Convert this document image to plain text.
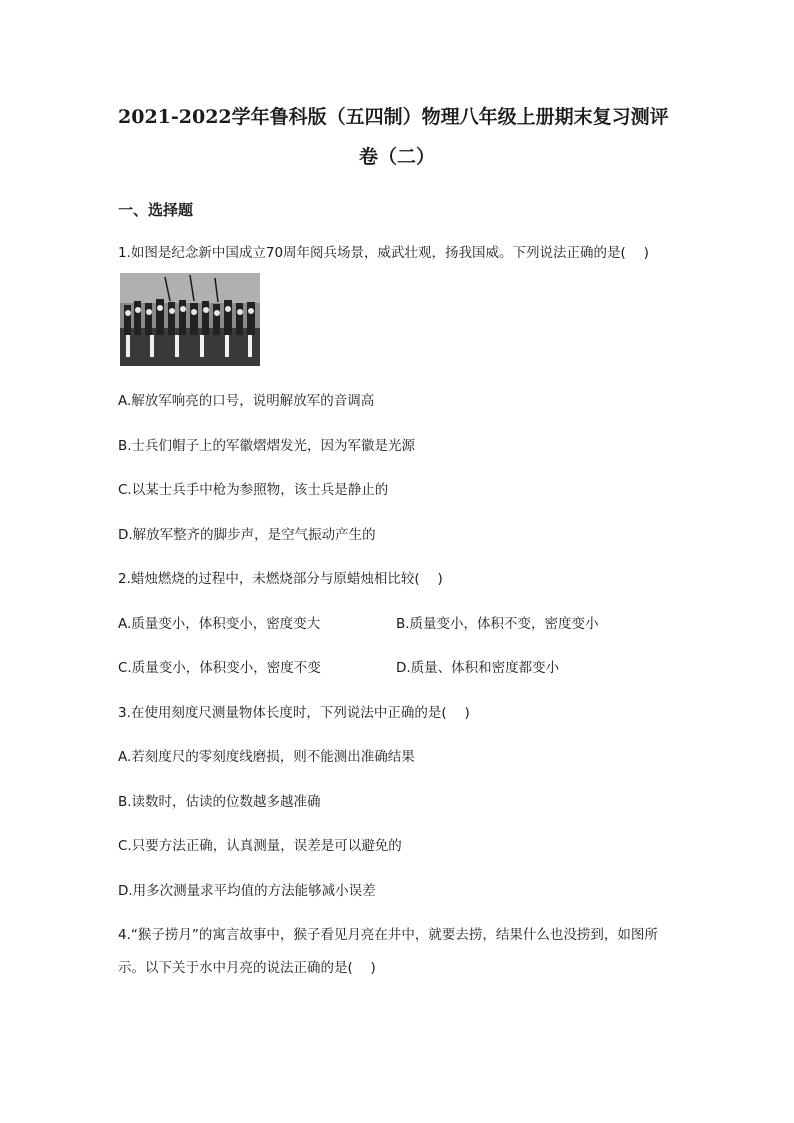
2021-2022学年鲁科版（五四制）物理八年级上册期末复习测评
卷（二）
一、选择题
1.如图是纪念新中国成立70周年阅兵场景，威武壮观，扬我国威。下列说法正确的是(　 )
A.解放军响亮的口号，说明解放军的音调高
B.士兵们帽子上的军徽熠熠发光，因为军徽是光源
C.以某士兵手中枪为参照物，该士兵是静止的
D.解放军整齐的脚步声，是空气振动产生的
2.蜡烛燃烧的过程中，未燃烧部分与原蜡烛相比较(　 )
A.质量变小，体积变小，密度变大	B.质量变小，体积不变，密度变小
C.质量变小，体积变小，密度不变	D.质量、体积和密度都变小
3.在使用刻度尺测量物体长度时，下列说法中正确的是(　 )
A.若刻度尺的零刻度线磨损，则不能测出准确结果
B.读数时，估读的位数越多越准确
C.只要方法正确，认真测量，误差是可以避免的
D.用多次测量求平均值的方法能够减小误差
4.“猴子捞月”的寓言故事中，猴子看见月亮在井中，就要去捞，结果什么也没捞到，如图所
示。以下关于水中月亮的说法正确的是(　 )
